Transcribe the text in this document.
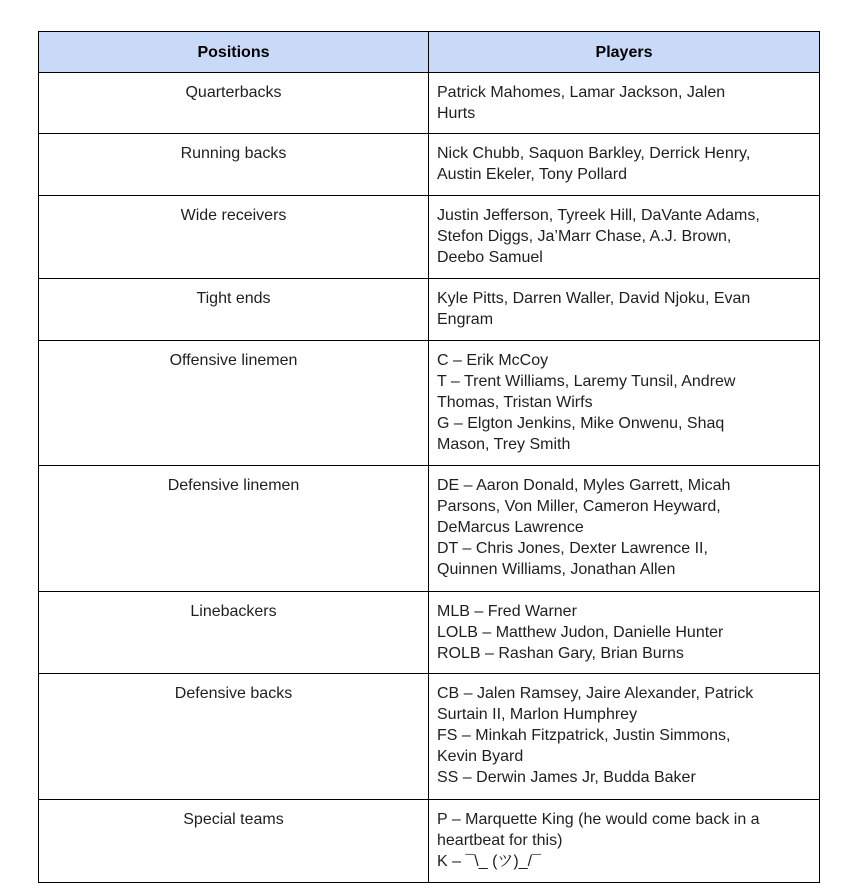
Positions	Players
Quarterbacks	Patrick Mahomes, Lamar Jackson, Jalen
Hurts

Running backs	Nick Chubb, Saquon Barkley, Derrick Henry,
Austin Ekeler, Tony Pollard

Wide receivers	Justin Jefferson, Tyreek Hill, DaVante Adams,
Stefon Diggs, Ja’Marr Chase, A.J. Brown,
Deebo Samuel

Tight ends	Kyle Pitts, Darren Waller, David Njoku, Evan
Engram

Offensive linemen	C – Erik McCoy
T – Trent Williams, Laremy Tunsil, Andrew
Thomas, Tristan Wirfs
G – Elgton Jenkins, Mike Onwenu, Shaq
Mason, Trey Smith

Defensive linemen	DE – Aaron Donald, Myles Garrett, Micah
Parsons, Von Miller, Cameron Heyward,
DeMarcus Lawrence
DT – Chris Jones, Dexter Lawrence II,
Quinnen Williams, Jonathan Allen

Linebackers	MLB – Fred Warner
LOLB – Matthew Judon, Danielle Hunter
ROLB – Rashan Gary, Brian Burns

Defensive backs	CB – Jalen Ramsey, Jaire Alexander, Patrick
Surtain II, Marlon Humphrey
FS – Minkah Fitzpatrick, Justin Simmons,
Kevin Byard
SS – Derwin James Jr, Budda Baker

Special teams	P – Marquette King (he would come back in a
heartbeat for this)
K – ¯\_ (ツ)_/¯
